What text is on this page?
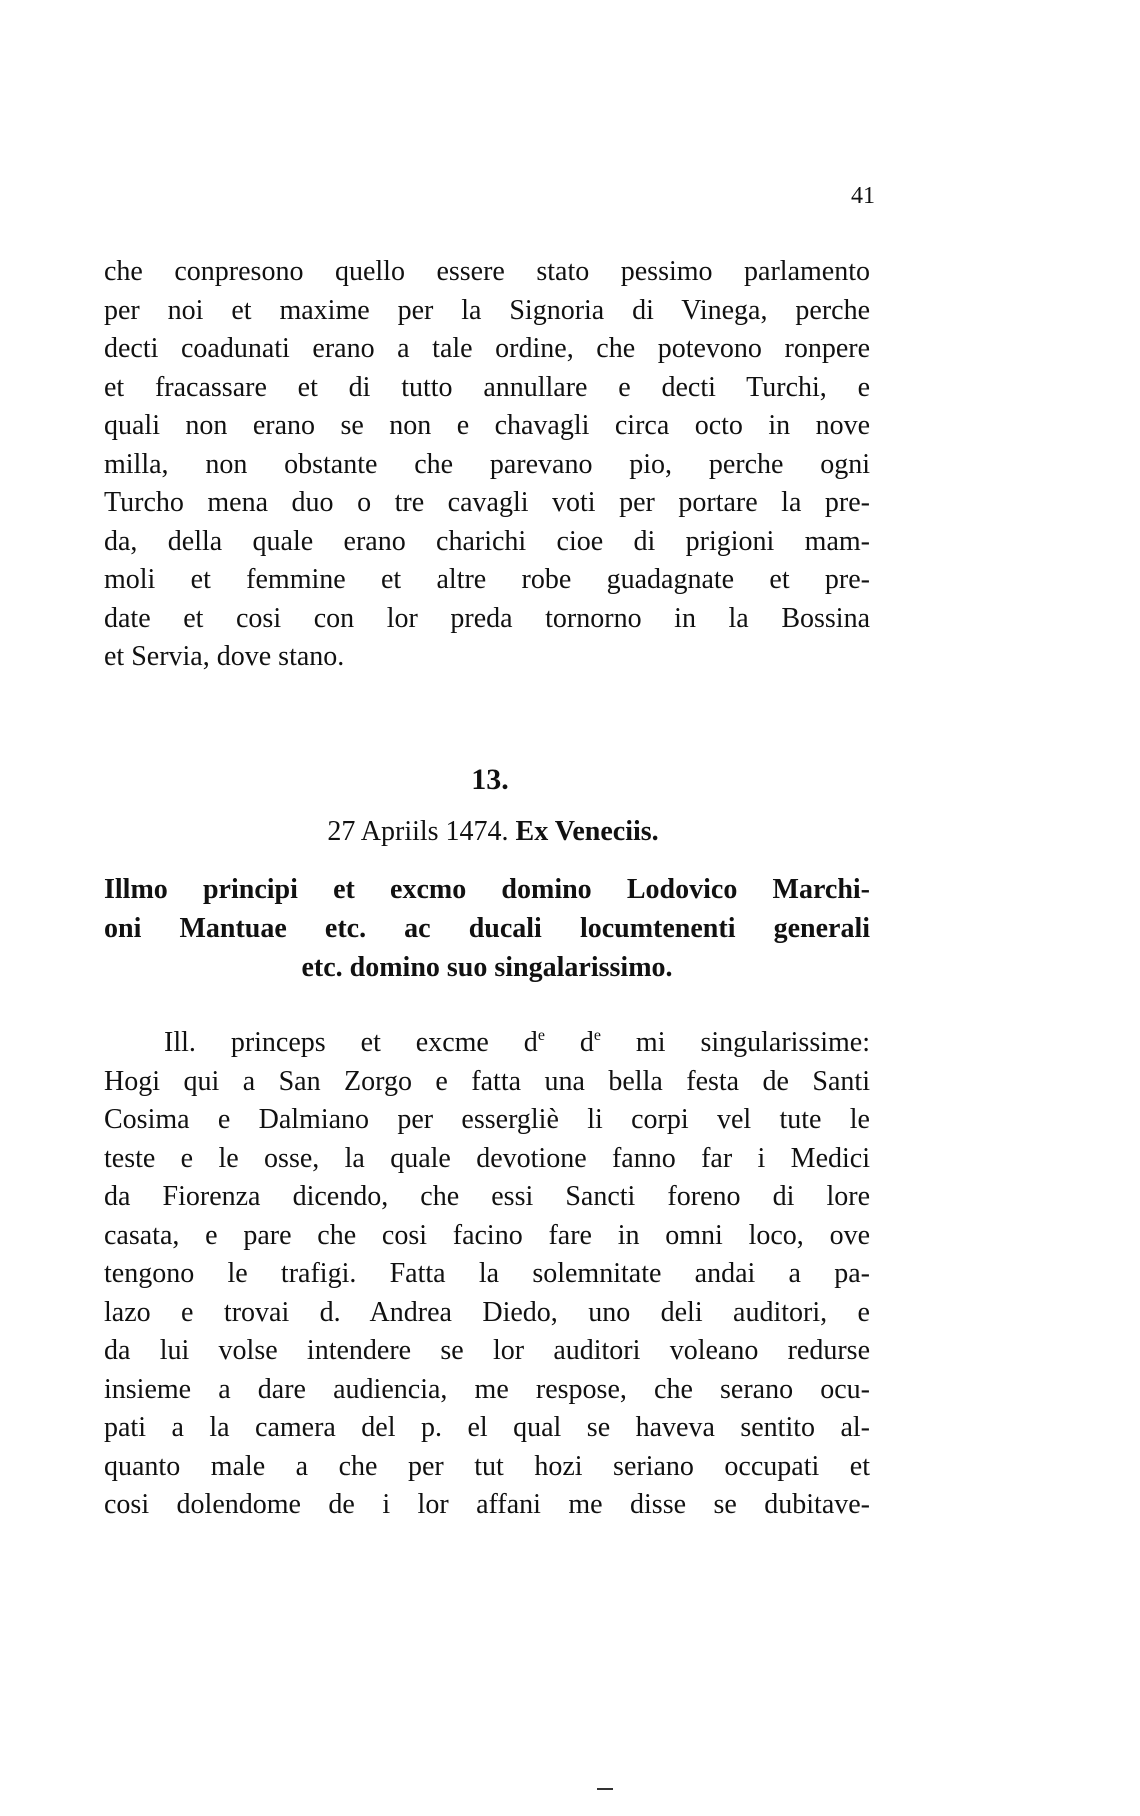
41
che conpresono quello essere stato pessimo parlamento
per noi et maxime per la Signoria di Vinega, perche
decti coadunati erano a tale ordine, che potevono ronpere
et fracassare et di tutto annullare e decti Turchi, e
quali non erano se non e chavagli circa octo in nove
milla, non obstante che parevano pio, perche ogni
Turcho mena duo o tre cavagli voti per portare la pre-
da, della quale erano charichi cioe di prigioni mam-
moli et femmine et altre robe guadagnate et pre-
date et cosi con lor preda tornorno in la Bossina
et Servia, dove stano.
13.
27 Apriils 1474. Ex Veneciis.
Illmo principi et excmo domino Lodovico Marchi-
oni Mantuae etc. ac ducali locumtenenti generali
etc. domino suo singalarissimo.
Ill. princeps et excme $d^e$ $d^e$ mi singularissime:
Hogi qui a San Zorgo e fatta una bella festa de Santi
Cosima e Dalmiano per essergliè li corpi vel tute le
teste e le osse, la quale devotione fanno far i Medici
da Fiorenza dicendo, che essi Sancti foreno di lore
casata, e pare che cosi facino fare in omni loco, ove
tengono le trafigi. Fatta la solemnitate andai a pa-
lazo e trovai d. Andrea Diedo, uno deli auditori, e
da lui volse intendere se lor auditori voleano redurse
insieme a dare audiencia, me respose, che serano ocu-
pati a la camera del p. el qual se haveva sentito al-
quanto male a che per tut hozi seriano occupati et
cosi dolendome de i lor affani me disse se dubitave-
